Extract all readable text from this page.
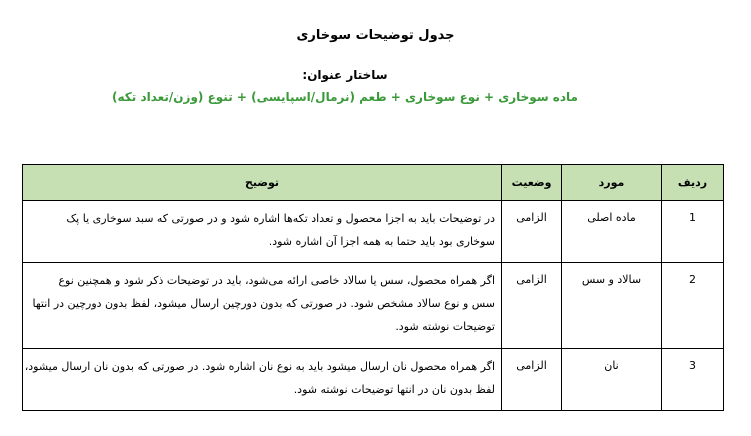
جدول توضیحات سوخاری
ساختار عنوان:
ماده سوخاری + نوع سوخاری + طعم (نرمال/اسپایسی) + تنوع (وزن/تعداد تکه)
ردیف	مورد	وضعیت	توضیح
1	ماده اصلی	الزامی	در توضیحات باید به اجزا محصول و تعداد تکه‌ها اشاره شود و در صورتی که سبد سوخاری یا پک
سوخاری بود باید حتما به همه اجزا آن اشاره شود.

2	سالاد و سس	الزامی	اگر همراه محصول، سس یا سالاد خاصی ارائه می‌شود، باید در توضیحات ذکر شود و همچنین نوع
سس و نوع سالاد مشخص شود. در صورتی که بدون دورچین ارسال میشود، لفظ بدون دورچین در انتها
توضیحات نوشته شود.

3	نان	الزامی	اگر همراه محصول نان ارسال میشود باید به نوع نان اشاره شود. در صورتی که بدون نان ارسال میشود،
لفظ بدون نان در انتها توضیحات نوشته شود.
